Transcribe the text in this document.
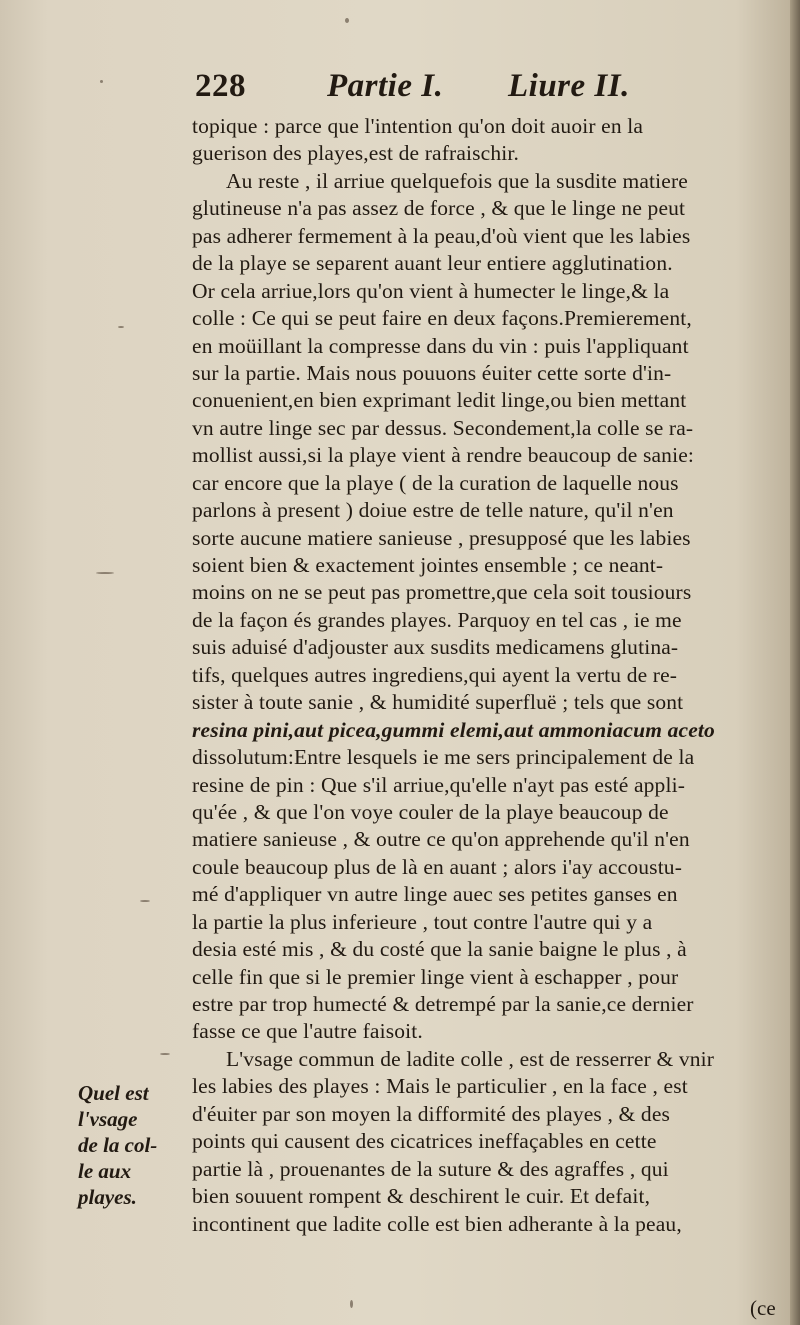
228 Partie I. Liure II.
topique : parce que l'intention qu'on doit auoir en la
guerison des playes,est de rafraischir.
Au reste , il arriue quelquefois que la susdite matiere
glutineuse n'a pas assez de force , & que le linge ne peut
pas adherer fermement à la peau,d'où vient que les labies
de la playe se separent auant leur entiere agglutination.
Or cela arriue,lors qu'on vient à humecter le linge,& la
colle : Ce qui se peut faire en deux façons.Premierement,
en moüillant la compresse dans du vin : puis l'appliquant
sur la partie. Mais nous pouuons éuiter cette sorte d'in-
conuenient,en bien exprimant ledit linge,ou bien mettant
vn autre linge sec par dessus. Secondement,la colle se ra-
mollist aussi,si la playe vient à rendre beaucoup de sanie:
car encore que la playe ( de la curation de laquelle nous
parlons à present ) doiue estre de telle nature, qu'il n'en
sorte aucune matiere sanieuse , presupposé que les labies
soient bien & exactement jointes ensemble ; ce neant-
moins on ne se peut pas promettre,que cela soit tousiours
de la façon és grandes playes. Parquoy en tel cas , ie me
suis aduisé d'adjouster aux susdits medicamens glutina-
tifs, quelques autres ingrediens,qui ayent la vertu de re-
sister à toute sanie , & humidité superfluë ; tels que sont
resina pini,aut picea,gummi elemi,aut ammoniacum aceto
dissolutum:Entre lesquels ie me sers principalement de la
resine de pin : Que s'il arriue,qu'elle n'ayt pas esté appli-
qu'ée , & que l'on voye couler de la playe beaucoup de
matiere sanieuse , & outre ce qu'on apprehende qu'il n'en
coule beaucoup plus de là en auant ; alors i'ay accoustu-
mé d'appliquer vn autre linge auec ses petites ganses en
la partie la plus inferieure , tout contre l'autre qui y a
desia esté mis , & du costé que la sanie baigne le plus , à
celle fin que si le premier linge vient à eschapper , pour
estre par trop humecté & detrempé par la sanie,ce dernier
fasse ce que l'autre faisoit.
L'vsage commun de ladite colle , est de resserrer & vnir
les labies des playes : Mais le particulier , en la face , est
d'éuiter par son moyen la difformité des playes , & des
points qui causent des cicatrices ineffaçables en cette
partie là , prouenantes de la suture & des agraffes , qui
bien souuent rompent & deschirent le cuir. Et defait,
incontinent que ladite colle est bien adherante à la peau,
(ce
Quel est
l'vsage
de la col-
le aux
playes.
